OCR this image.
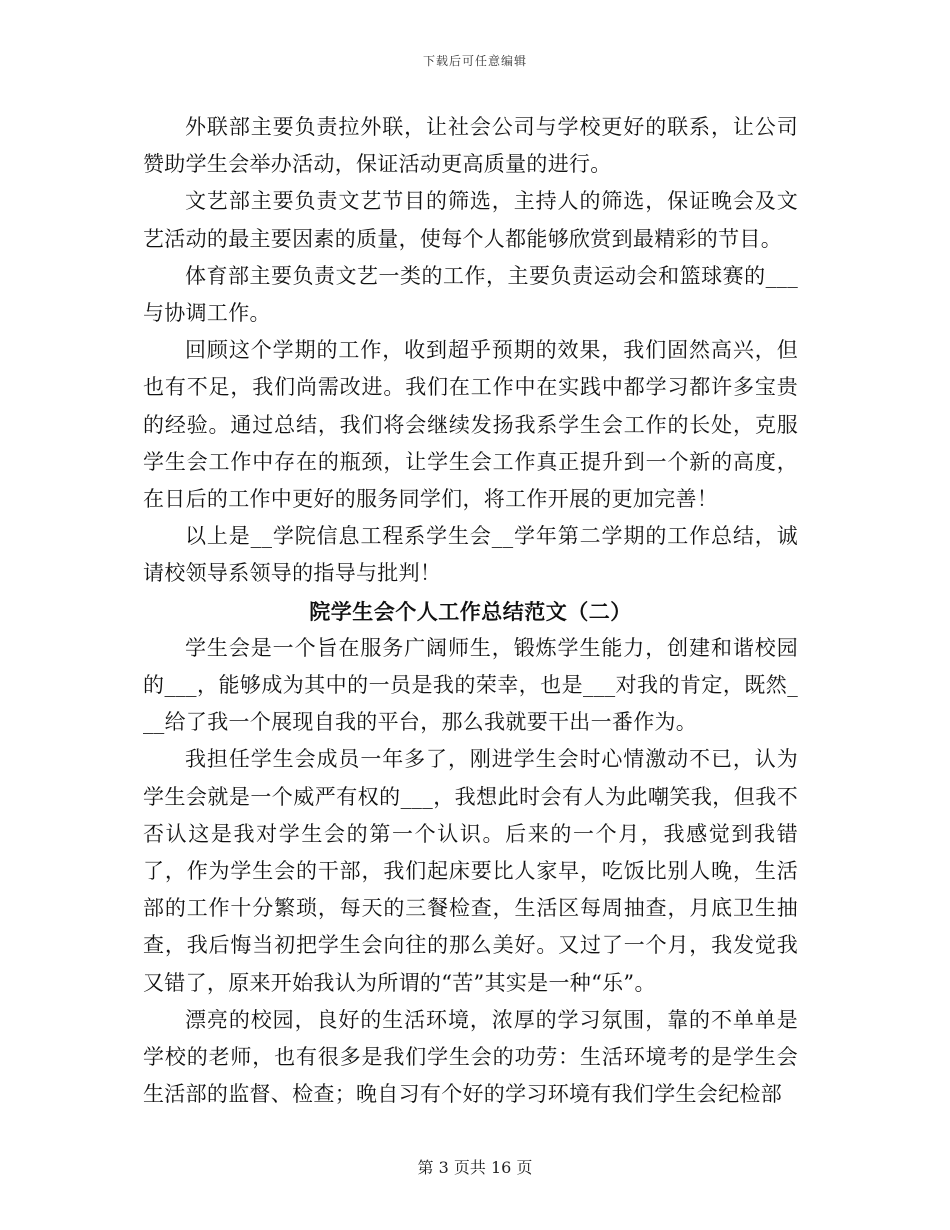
下载后可任意编辑

外联部主要负责拉外联，让社会公司与学校更好的联系，让公司赞助学生会举办活动，保证活动更高质量的进行。

文艺部主要负责文艺节目的筛选，主持人的筛选，保证晚会及文艺活动的最主要因素的质量，使每个人都能够欣赏到最精彩的节目。

体育部主要负责文艺一类的工作，主要负责运动会和篮球赛的___与协调工作。

回顾这个学期的工作，收到超乎预期的效果，我们固然高兴，但也有不足，我们尚需改进。我们在工作中在实践中都学习都许多宝贵的经验。通过总结，我们将会继续发扬我系学生会工作的长处，克服学生会工作中存在的瓶颈，让学生会工作真正提升到一个新的高度，在日后的工作中更好的服务同学们，将工作开展的更加完善！

以上是__学院信息工程系学生会__学年第二学期的工作总结，诚请校领导系领导的指导与批判！

院学生会个人工作总结范文（二）

学生会是一个旨在服务广阔师生，锻炼学生能力，创建和谐校园的___，能够成为其中的一员是我的荣幸，也是___对我的肯定，既然___给了我一个展现自我的平台，那么我就要干出一番作为。

我担任学生会成员一年多了，刚进学生会时心情激动不已，认为学生会就是一个威严有权的___，我想此时会有人为此嘲笑我，但我不否认这是我对学生会的第一个认识。后来的一个月，我感觉到我错了，作为学生会的干部，我们起床要比人家早，吃饭比别人晚，生活部的工作十分繁琐，每天的三餐检查，生活区每周抽查，月底卫生抽查，我后悔当初把学生会向往的那么美好。又过了一个月，我发觉我又错了，原来开始我认为所谓的“苦”其实是一种“乐”。

漂亮的校园，良好的生活环境，浓厚的学习氛围，靠的不单单是学校的老师，也有很多是我们学生会的功劳：生活环境考的是学生会生活部的监督、检查；晚自习有个好的学习环境有我们学生会纪检部

第 3 页共 16 页
